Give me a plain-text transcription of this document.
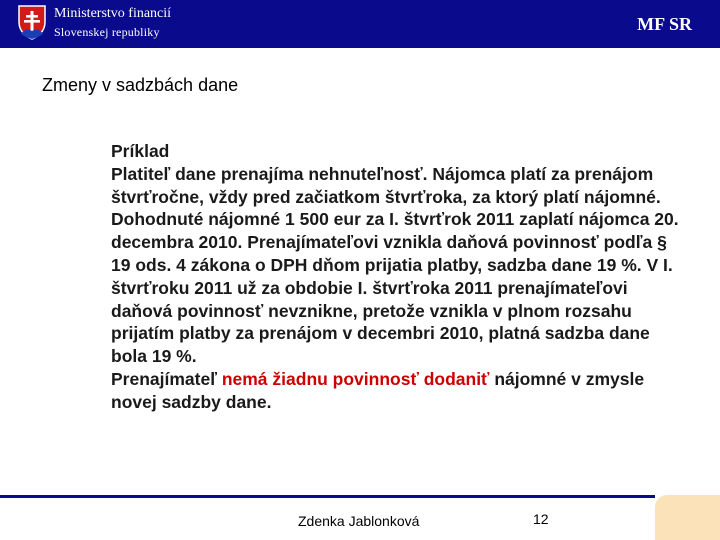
Ministerstvo financií
Slovenskej republiky	MF SR
Zmeny v sadzbách dane

Príklad

Platiteľ dane prenajíma nehnuteľnosť. Nájomca platí za prenájom štvrťročne, vždy pred začiatkom štvrťroka, za ktorý platí nájomné. Dohodnuté nájomné 1 500 eur za I. štvrťrok 2011 zaplatí nájomca 20. decembra 2010. Prenajímateľovi vznikla daňová povinnosť podľa § 19 ods. 4 zákona o DPH dňom prijatia platby, sadzba dane 19 %. V I. štvrťroku 2011 už za obdobie I. štvrťroka 2011 prenajímateľovi daňová povinnosť nevznikne, pretože vznikla v plnom rozsahu prijatím platby za prenájom v decembri 2010, platná sadzba dane bola 19 %.

Prenajímateľ nemá žiadnu povinnosť dodaniť nájomné v zmysle novej sadzby dane.

Zdenka Jablonková	12
